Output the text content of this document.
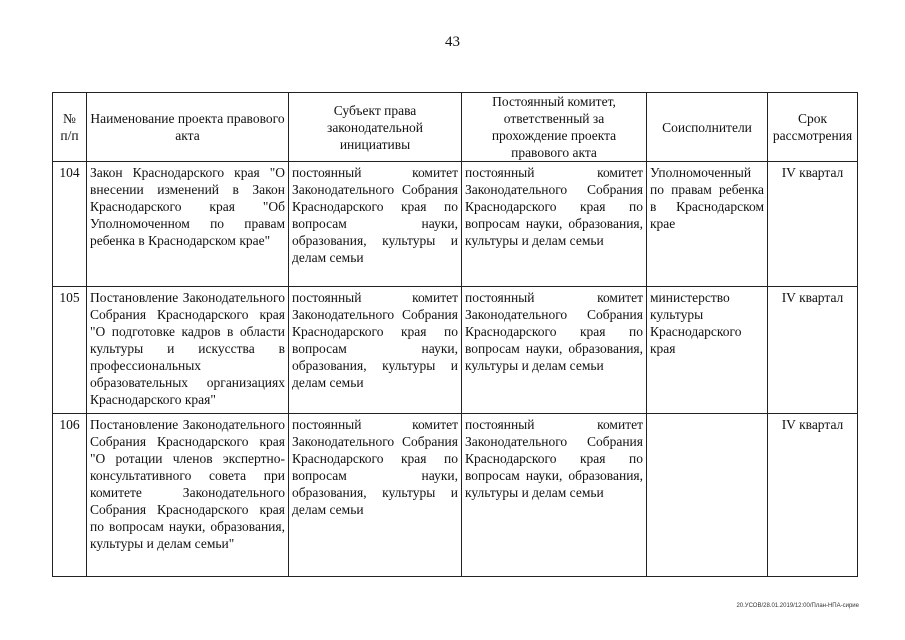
43
№ п/п	Наименование проекта правового акта	Субъект права законодательной инициативы	Постоянный комитет, ответственный за прохождение проекта правового акта	Соисполнители	Срок рассмотрения
104	Закон Краснодарского края "О внесении изменений в Закон Краснодарского края "Об Уполномоченном по правам ребенка в Краснодарском крае"	постоянный комитет Законодательного Собрания Краснодарского края по вопросам науки, образования, культуры и делам семьи	постоянный комитет Законодательного Собрания Краснодарского края по вопросам науки, образования, культуры и делам семьи	Уполномоченный по правам ребенка в Краснодарском крае	IV квартал
105	Постановление Законодательного Собрания Краснодарского края "О подготовке кадров в области культуры и искусства в профессиональных образовательных организациях Краснодарского края"	постоянный комитет Законодательного Собрания Краснодарского края по вопросам науки, образования, культуры и делам семьи	постоянный комитет Законодательного Собрания Краснодарского края по вопросам науки, образования, культуры и делам семьи	министерство культуры Краснодарского края	IV квартал
106	Постановление Законодательного Собрания Краснодарского края "О ротации членов экспертно-консультативного совета при комитете Законодательного Собрания Краснодарского края по вопросам науки, образования, культуры и делам семьи"	постоянный комитет Законодательного Собрания Краснодарского края по вопросам науки, образования, культуры и делам семьи	постоянный комитет Законодательного Собрания Краснодарского края по вопросам науки, образования, культуры и делам семьи		IV квартал
20.УСОВ/28.01.2019/12:00/План-НПА-сирие
